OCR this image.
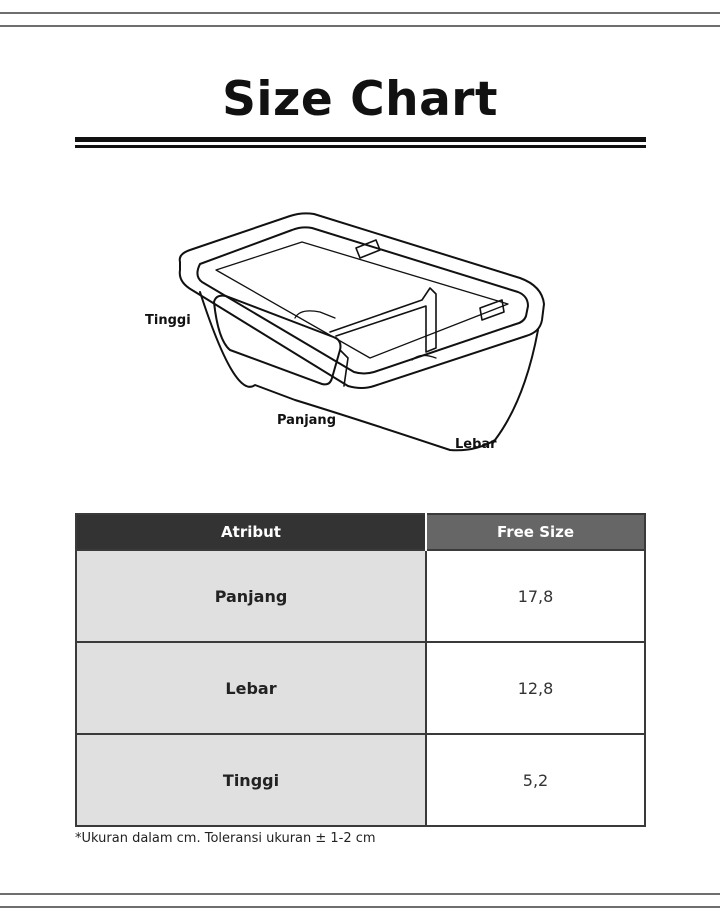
Size Chart
Tinggi
Panjang
Lebar
Atribut	Free Size
Panjang	17,8
Lebar	12,8
Tinggi	5,2
*Ukuran dalam cm. Toleransi ukuran ± 1-2 cm
